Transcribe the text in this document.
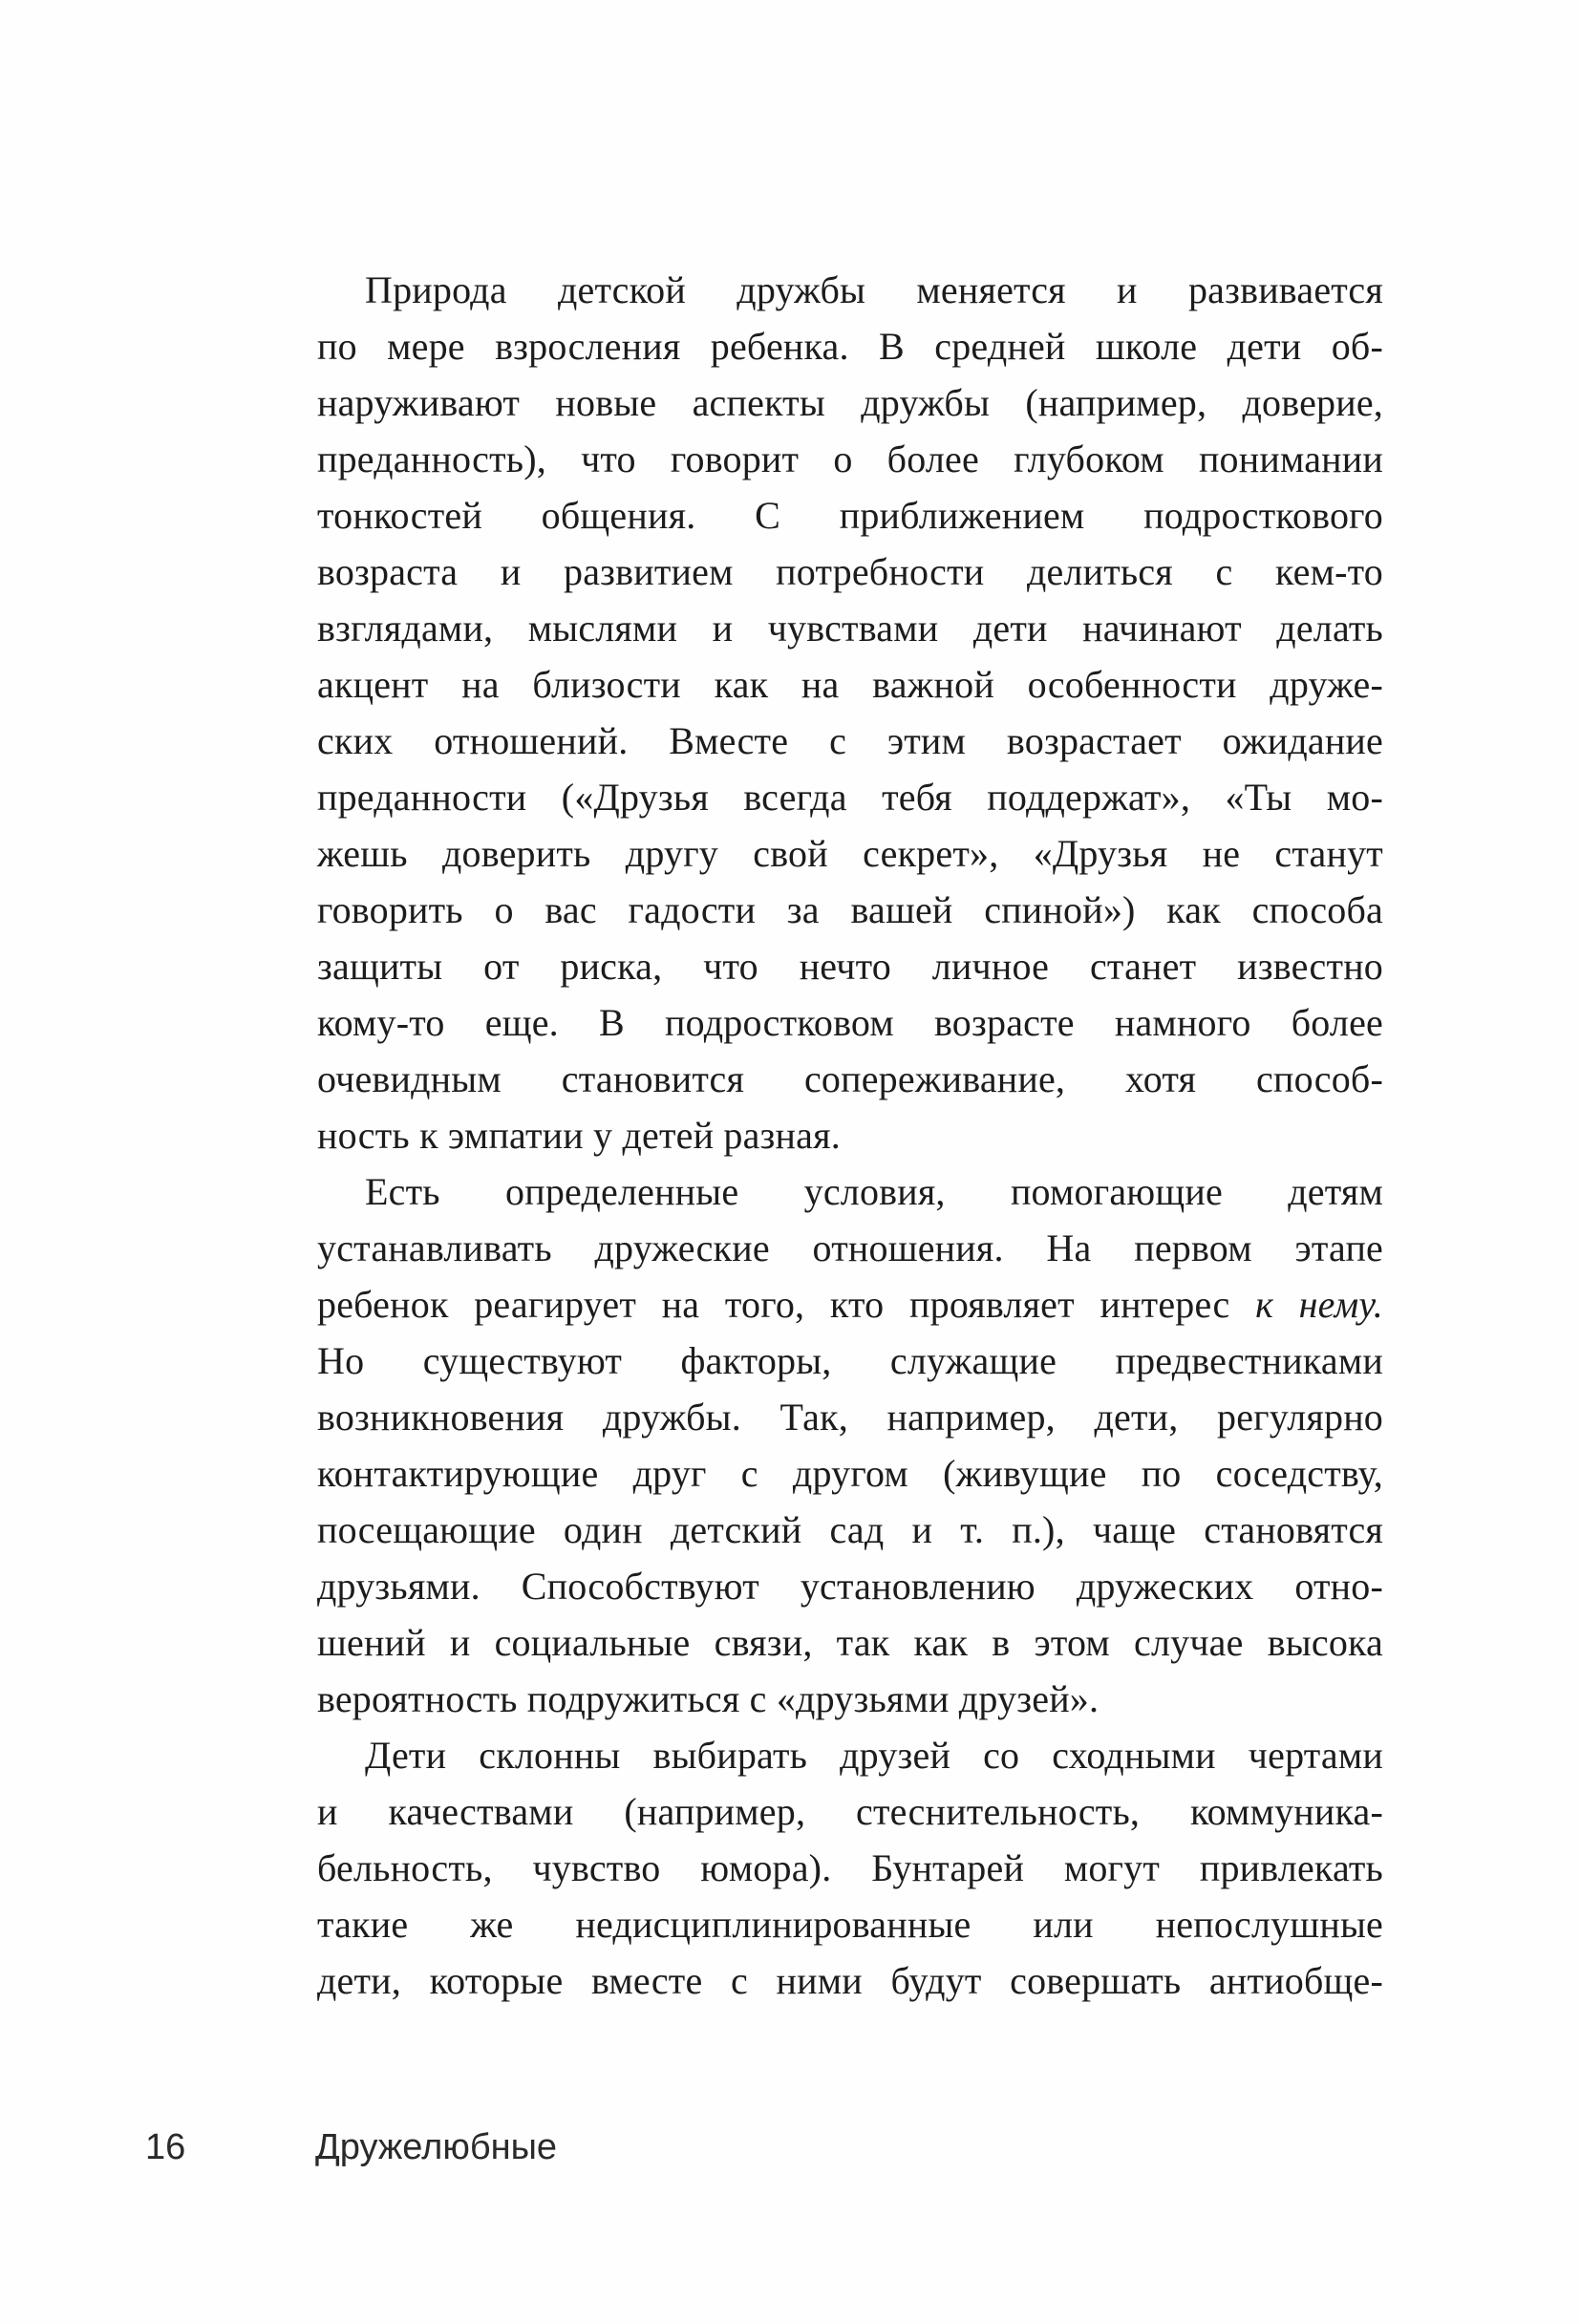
Природа детской дружбы меняется и развивается
по мере взросления ребенка. В средней школе дети об-
наруживают новые аспекты дружбы (например, доверие,
преданность), что говорит о более глубоком понимании
тонкостей общения. С приближением подросткового
возраста и развитием потребности делиться с кем-то
взглядами, мыслями и чувствами дети начинают делать
акцент на близости как на важной особенности друже-
ских отношений. Вместе с этим возрастает ожидание
преданности («Друзья всегда тебя поддержат», «Ты мо-
жешь доверить другу свой секрет», «Друзья не станут
говорить о вас гадости за вашей спиной») как способа
защиты от риска, что нечто личное станет известно
кому-то еще. В подростковом возрасте намного более
очевидным становится сопереживание, хотя способ-
ность к эмпатии у детей разная.
Есть определенные условия, помогающие детям
устанавливать дружеские отношения. На первом этапе
ребенок реагирует на того, кто проявляет интерес к нему.
Но существуют факторы, служащие предвестниками
возникновения дружбы. Так, например, дети, регулярно
контактирующие друг с другом (живущие по соседству,
посещающие один детский сад и т. п.), чаще становятся
друзьями. Способствуют установлению дружеских отно-
шений и социальные связи, так как в этом случае высока
вероятность подружиться с «друзьями друзей».
Дети склонны выбирать друзей со сходными чертами
и качествами (например, стеснительность, коммуника-
бельность, чувство юмора). Бунтарей могут привлекать
такие же недисциплинированные или непослушные
дети, которые вместе с ними будут совершать антиобще-
16	Дружелюбные
